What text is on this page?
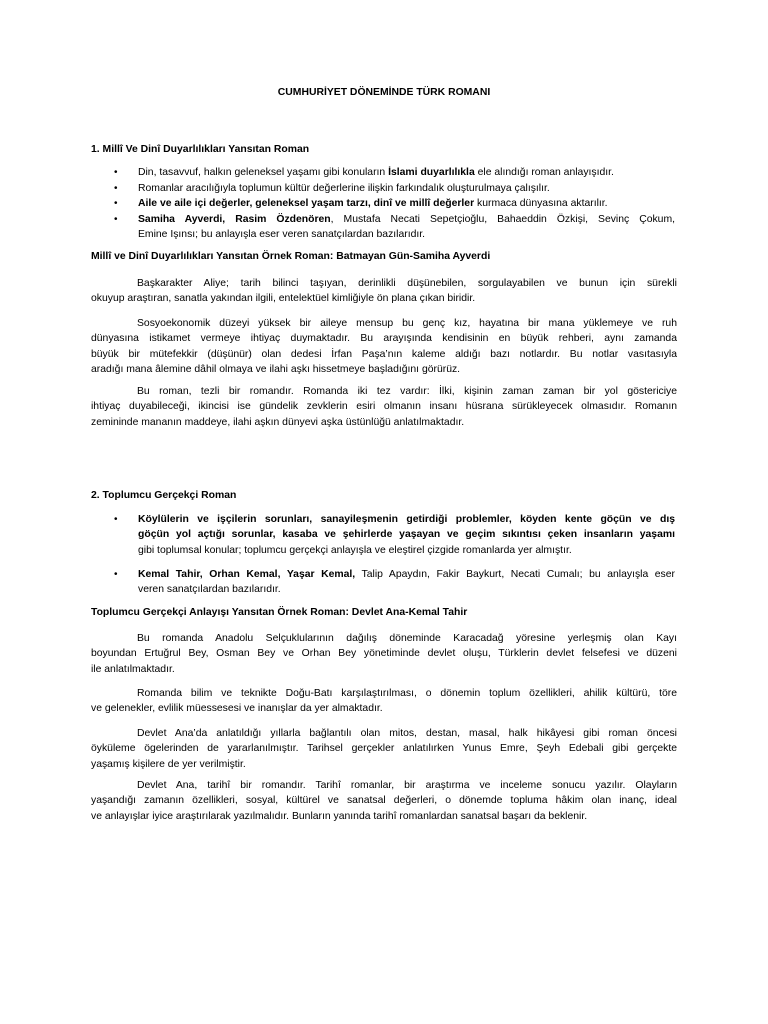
CUMHURİYET DÖNEMİNDE TÜRK ROMANI
1. Millî Ve Dinî Duyarlılıkları Yansıtan Roman
•	Din, tasavvuf, halkın geleneksel yaşamı gibi konuların İslami duyarlılıkla ele alındığı roman anlayışıdır.
•	Romanlar aracılığıyla toplumun kültür değerlerine ilişkin farkındalık oluşturulmaya çalışılır.
•	Aile ve aile içi değerler, geleneksel yaşam tarzı, dinî ve millî değerler kurmaca dünyasına aktarılır.
•	Samiha Ayverdi, Rasim Özdenören, Mustafa Necati Sepetçioğlu, Bahaeddin Özkişi, Sevinç Çokum,
Emine Işınsı; bu anlayışla eser veren sanatçılardan bazılarıdır.
Millî ve Dinî Duyarlılıkları Yansıtan Örnek Roman: Batmayan Gün-Samiha Ayverdi
Başkarakter Aliye; tarih bilinci taşıyan, derinlikli düşünebilen, sorgulayabilen ve bunun için sürekli
okuyup araştıran, sanatla yakından ilgili, entelektüel kimliğiyle ön plana çıkan biridir.
Sosyoekonomik düzeyi yüksek bir aileye mensup bu genç kız, hayatına bir mana yüklemeye ve ruh
dünyasına istikamet vermeye ihtiyaç duymaktadır. Bu arayışında kendisinin en büyük rehberi, aynı zamanda
büyük bir mütefekkir (düşünür) olan dedesi İrfan Paşa’nın kaleme aldığı bazı notlardır. Bu notlar vasıtasıyla
aradığı mana âlemine dâhil olmaya ve ilahi aşkı hissetmeye başladığını görürüz.
Bu roman, tezli bir romandır. Romanda iki tez vardır: İlki, kişinin zaman zaman bir yol göstericiye
ihtiyaç duyabileceği, ikincisi ise gündelik zevklerin esiri olmanın insanı hüsrana sürükleyecek olmasıdır. Romanın
zemininde mananın maddeye, ilahi aşkın dünyevi aşka üstünlüğü anlatılmaktadır.
2. Toplumcu Gerçekçi Roman
•	Köylülerin ve işçilerin sorunları, sanayileşmenin getirdiği problemler, köyden kente göçün ve dış
göçün yol açtığı sorunlar, kasaba ve şehirlerde yaşayan ve geçim sıkıntısı çeken insanların yaşamı
gibi toplumsal konular; toplumcu gerçekçi anlayışla ve eleştirel çizgide romanlarda yer almıştır.
•	Kemal Tahir, Orhan Kemal, Yaşar Kemal, Talip Apaydın, Fakir Baykurt, Necati Cumalı; bu anlayışla eser
veren sanatçılardan bazılarıdır.
Toplumcu Gerçekçi Anlayışı Yansıtan Örnek Roman: Devlet Ana-Kemal Tahir
Bu romanda Anadolu Selçuklularının dağılış döneminde Karacadağ yöresine yerleşmiş olan Kayı
boyundan Ertuğrul Bey, Osman Bey ve Orhan Bey yönetiminde devlet oluşu, Türklerin devlet felsefesi ve düzeni
ile anlatılmaktadır.
Romanda bilim ve teknikte Doğu-Batı karşılaştırılması, o dönemin toplum özellikleri, ahilik kültürü, töre
ve gelenekler, evlilik müessesesi ve inanışlar da yer almaktadır.
Devlet Ana’da anlatıldığı yıllarla bağlantılı olan mitos, destan, masal, halk hikâyesi gibi roman öncesi
öyküleme ögelerinden de yararlanılmıştır. Tarihsel gerçekler anlatılırken Yunus Emre, Şeyh Edebali gibi gerçekte
yaşamış kişilere de yer verilmiştir.
Devlet Ana, tarihî bir romandır. Tarihî romanlar, bir araştırma ve inceleme sonucu yazılır. Olayların
yaşandığı zamanın özellikleri, sosyal, kültürel ve sanatsal değerleri, o dönemde topluma hâkim olan inanç, ideal
ve anlayışlar iyice araştırılarak yazılmalıdır. Bunların yanında tarihî romanlardan sanatsal başarı da beklenir.
